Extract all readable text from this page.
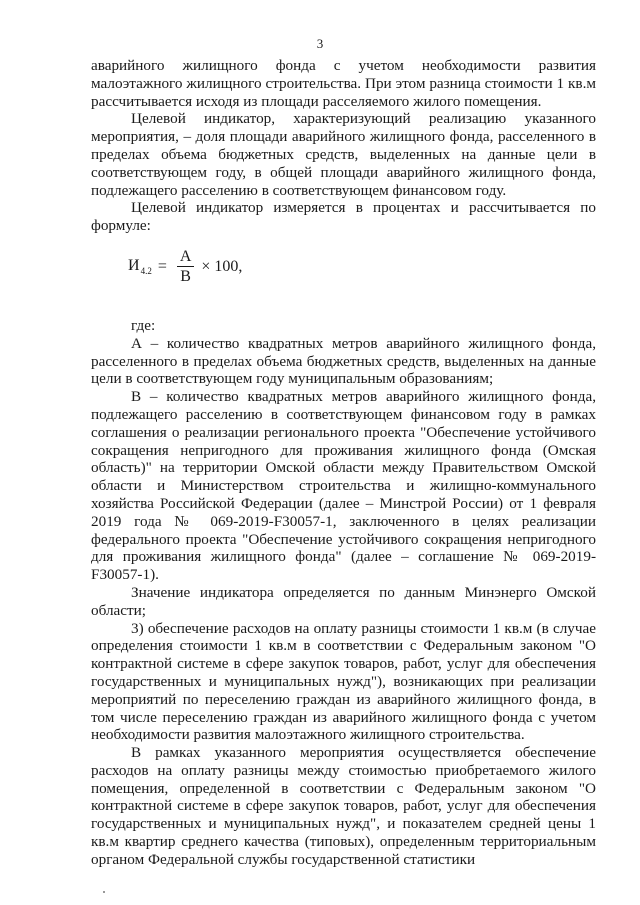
3

аварийного жилищного фонда с учетом необходимости развития малоэтажного жилищного строительства. При этом разница стоимости 1 кв.м рассчитывается исходя из площади расселяемого жилого помещения.

Целевой индикатор, характеризующий реализацию указанного мероприятия, – доля площади аварийного жилищного фонда, расселенного в пределах объема бюджетных средств, выделенных на данные цели в соответствующем году, в общей площади аварийного жилищного фонда, подлежащего расселению в соответствующем финансовом году.

Целевой индикатор измеряется в процентах и рассчитывается по формуле:

И $4.2 = \frac{А}{В} \times 100$,

где:

А – количество квадратных метров аварийного жилищного фонда, расселенного в пределах объема бюджетных средств, выделенных на данные цели в соответствующем году муниципальным образованиям;

В – количество квадратных метров аварийного жилищного фонда, подлежащего расселению в соответствующем финансовом году в рамках соглашения о реализации регионального проекта "Обеспечение устойчивого сокращения непригодного для проживания жилищного фонда (Омская область)" на территории Омской области между Правительством Омской области и Министерством строительства и жилищно-коммунального хозяйства Российской Федерации (далее – Минстрой России) от 1 февраля 2019 года № 069-2019-F30057-1, заключенного в целях реализации федерального проекта "Обеспечение устойчивого сокращения непригодного для проживания жилищного фонда" (далее – соглашение № 069-2019-F30057-1).

Значение индикатора определяется по данным Минэнерго Омской области;

3) обеспечение расходов на оплату разницы стоимости 1 кв.м (в случае определения стоимости 1 кв.м в соответствии с Федеральным законом "О контрактной системе в сфере закупок товаров, работ, услуг для обеспечения государственных и муниципальных нужд"), возникающих при реализации мероприятий по переселению граждан из аварийного жилищного фонда, в том числе переселению граждан из аварийного жилищного фонда с учетом необходимости развития малоэтажного жилищного строительства.

В рамках указанного мероприятия осуществляется обеспечение расходов на оплату разницы между стоимостью приобретаемого жилого помещения, определенной в соответствии с Федеральным законом "О контрактной системе в сфере закупок товаров, работ, услуг для обеспечения государственных и муниципальных нужд", и показателем средней цены 1 кв.м квартир среднего качества (типовых), определенным территориальным органом Федеральной службы государственной статистики
